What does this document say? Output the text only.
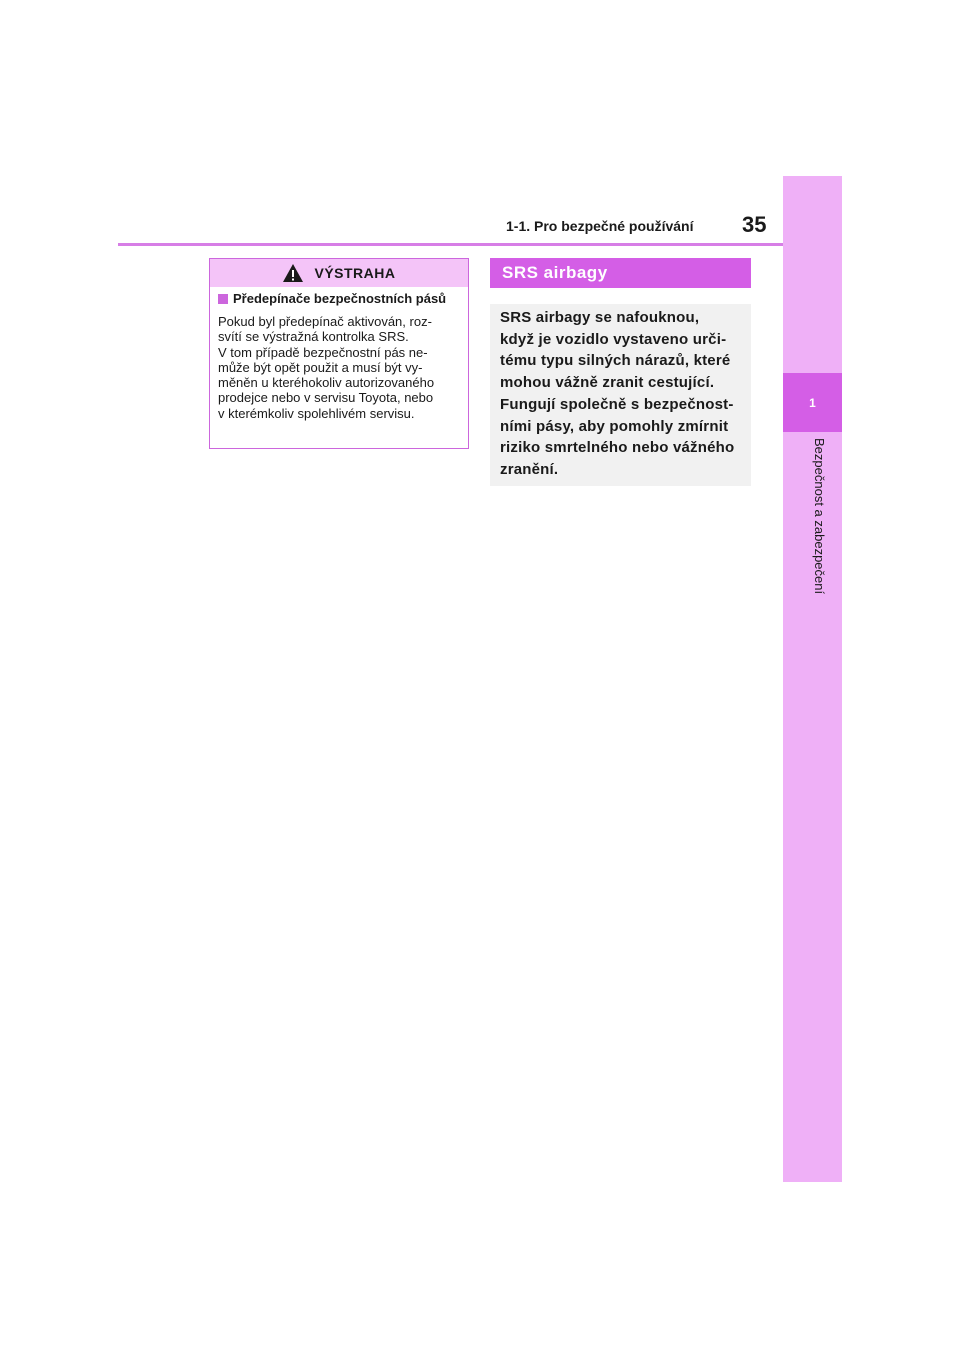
1-1. Pro bezpečné používání 35
1
Bezpečnost a zabezpečení
VÝSTRAHA
Předepínače bezpečnostních pásů

Pokud byl předepínač aktivován, roz-
svítí se výstražná kontrolka SRS.
V tom případě bezpečnostní pás ne-
může být opět použit a musí být vy-
měněn u kteréhokoliv autorizovaného
prodejce nebo v servisu Toyota, nebo
v kterémkoliv spolehlivém servisu.

SRS airbagy

SRS airbagy se nafouknou,
když je vozidlo vystaveno urči-
tému typu silných nárazů, které
mohou vážně zranit cestující.
Fungují společně s bezpečnost-
ními pásy, aby pomohly zmírnit
riziko smrtelného nebo vážného
zranění.
